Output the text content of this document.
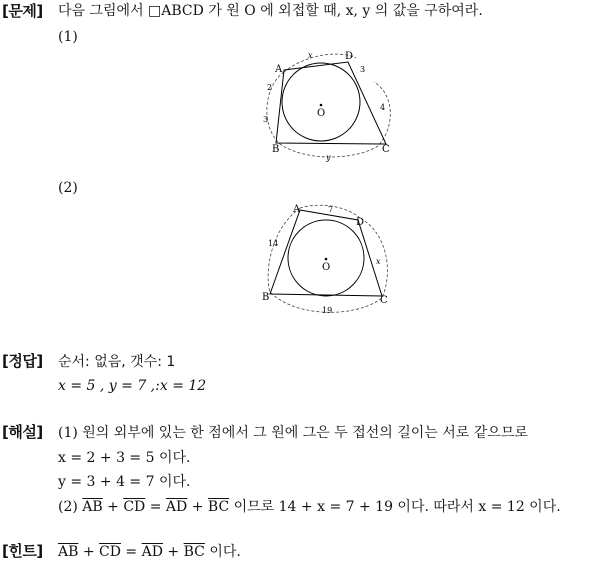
[문제] 다음 그림에서 □ABCD 가 원 O 에 외접할 때, x, y 의 값을 구하여라.
(1)
O
A
D
B	C
x
y
2
3
3
4
(2)
O
A
D
B	C
7
14
x
19
[정답] 순서: 없음, 갯수: 1
x = 5 , y = 7 ,:x = 12
[해설] (1) 원의 외부에 있는 한 점에서 그 원에 그은 두 접선의 길이는 서로 같으므로
x = 2 + 3 = 5 이다.
y = 3 + 4 = 7 이다.
(2) $\overline{AB} + \overline{CD} = \overline{AD} + \overline{BC}$ 이므로 14 + x = 7 + 19 이다. 따라서 x = 12 이다.
[힌트] $\overline{AB} + \overline{CD} = \overline{AD} + \overline{BC}$ 이다.
